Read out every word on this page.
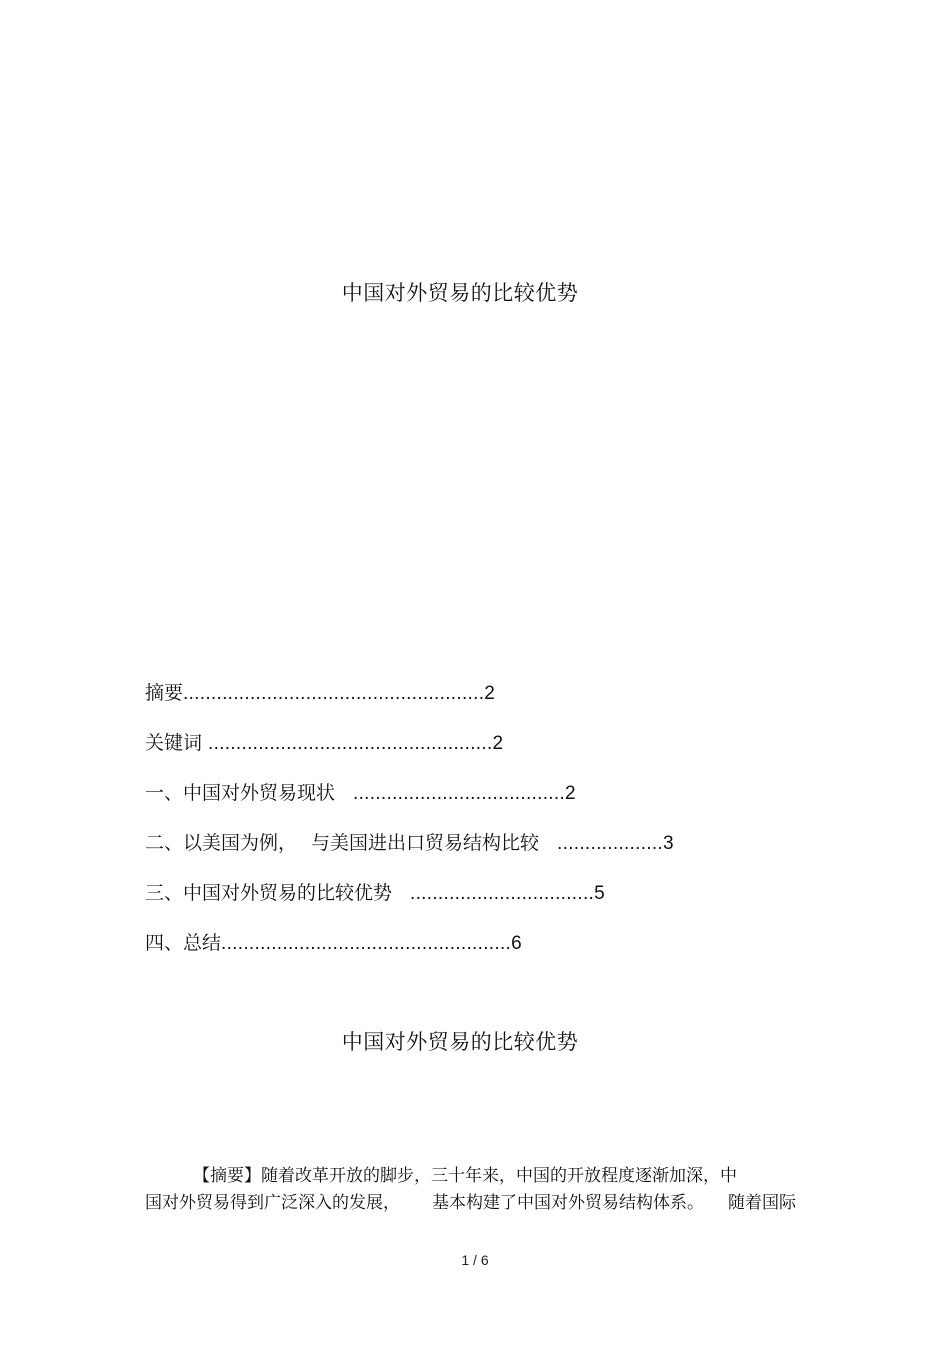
中国对外贸易的比较优势
摘要......................................................2
关键词 ...................................................2
一、中国对外贸易现状 ......................................2
二、以美国为例， 与美国进出口贸易结构比较 ...................3
三、中国对外贸易的比较优势 .................................5
四、总结....................................................6
中国对外贸易的比较优势
【摘要】随着改革开放的脚步，三十年来，中国的开放程度逐渐加深，中
国对外贸易得到广泛深入的发展， 基本构建了中国对外贸易结构体系。 随着国际
1 / 6
